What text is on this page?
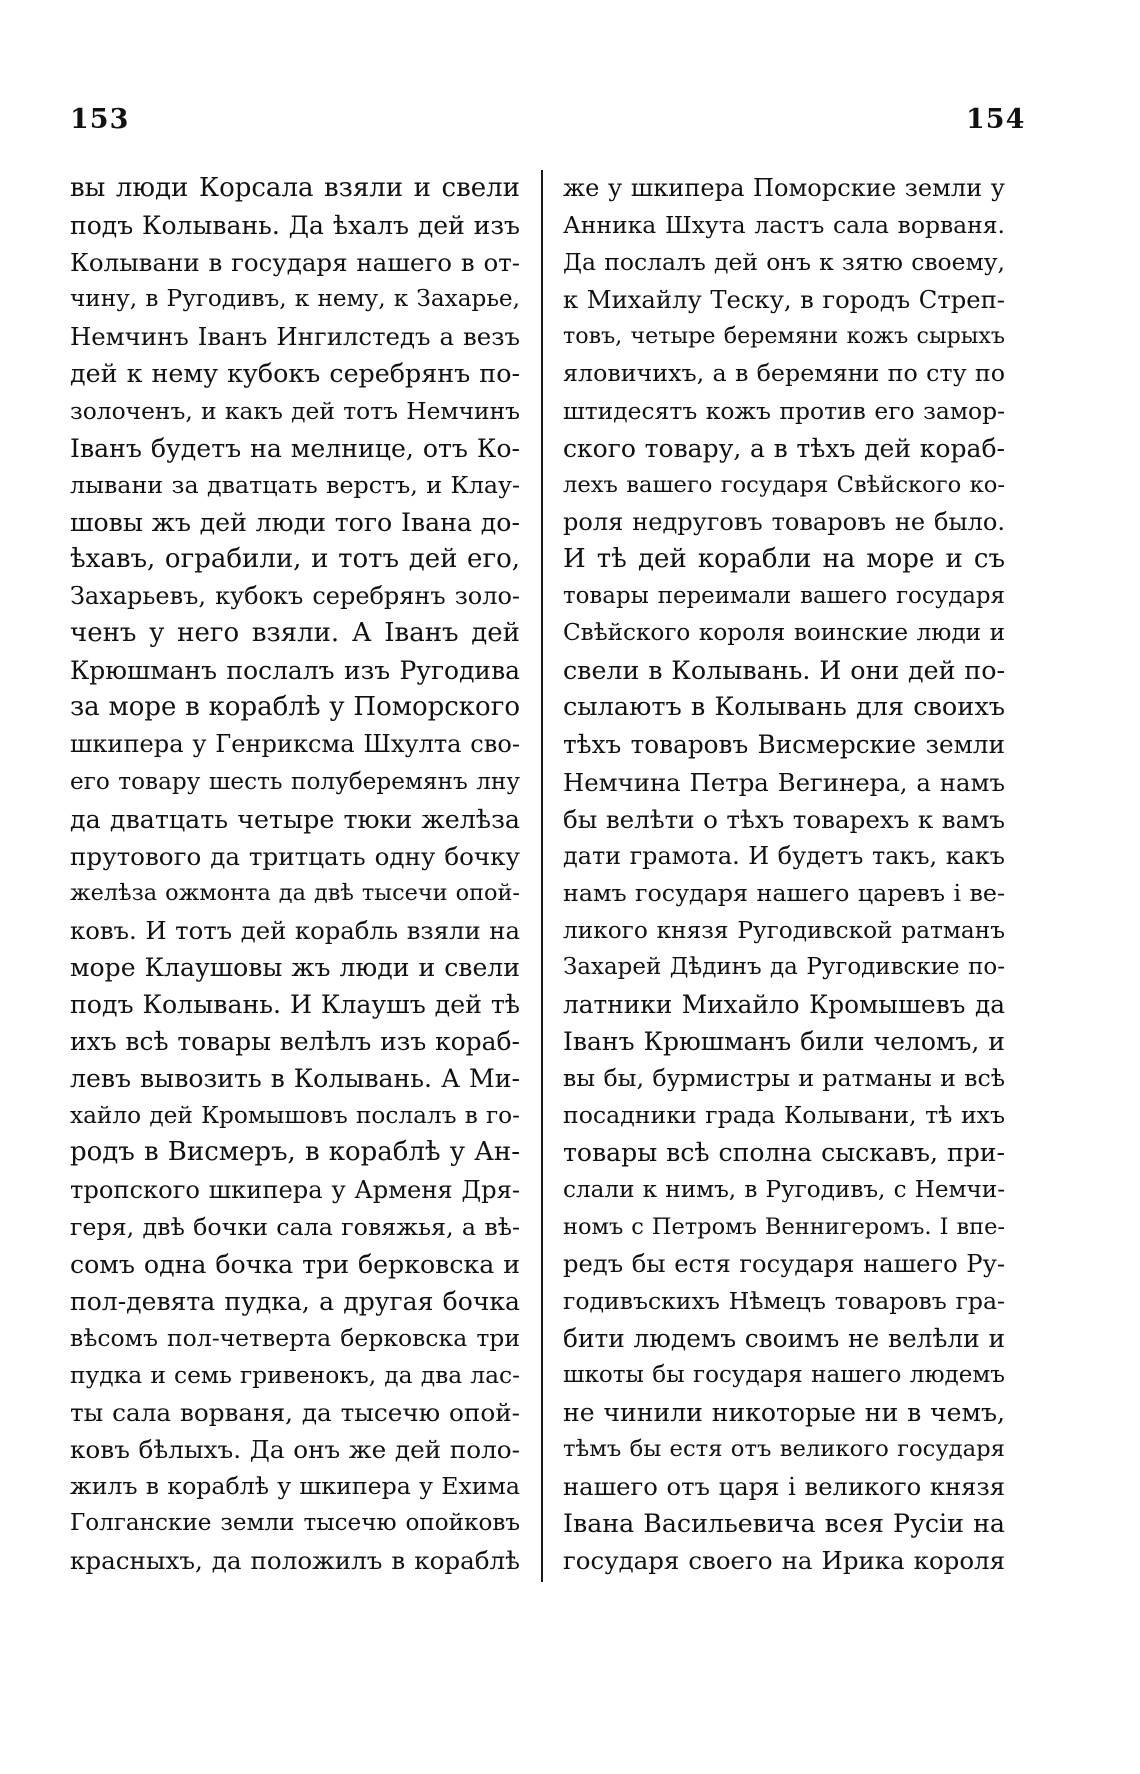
153	154
вы люди Корсала взяли и свели
подъ Колывань. Да ѣхалъ дей изъ
Колывани в государя нашего в от-
чину, в Ругодивъ, к нему, к Захарье,
Немчинъ Іванъ Ингилстедъ а везъ
дей к нему кубокъ серебрянъ по-
золоченъ, и какъ дей тотъ Немчинъ
Іванъ будетъ на мелнице, отъ Ко-
лывани за дватцать верстъ, и Клау-
шовы жъ дей люди того Івана до-
ѣхавъ, ограбили, и тотъ дей его,
Захарьевъ, кубокъ серебрянъ золо-
ченъ у него взяли. А Іванъ дей
Крюшманъ послалъ изъ Ругодива
за море в кораблѣ у Поморского
шкипера у Генриксма Шхулта сво-
его товару шесть полуберемянъ лну
да дватцать четыре тюки желѣза
прутового да тритцать одну бочку
желѣза ожмонта да двѣ тысечи опой-
ковъ. И тотъ дей корабль взяли на
море Клаушовы жъ люди и свели
подъ Колывань. И Клаушъ дей тѣ
ихъ всѣ товары велѣлъ изъ кораб-
левъ вывозить в Колывань. А Ми-
хайло дей Кромышовъ послалъ в го-
родъ в Висмеръ, в кораблѣ у Ан-
тропского шкипера у Арменя Дря-
геря, двѣ бочки сала говяжья, а вѣ-
сомъ одна бочка три берковска и
пол-девята пудка, а другая бочка
вѣсомъ пол-четверта берковска три
пудка и семь гривенокъ, да два лас-
ты сала ворваня, да тысечю опой-
ковъ бѣлыхъ. Да онъ же дей поло-
жилъ в кораблѣ у шкипера у Ехима
Голганские земли тысечю опойковъ
красныхъ, да положилъ в кораблѣ
же у шкипера Поморские земли у
Анника Шхута ластъ сала ворваня.
Да послалъ дей онъ к зятю своему,
к Михайлу Теску, в городъ Стреп-
товъ, четыре беремяни кожъ сырыхъ
яловичихъ, а в беремяни по сту по
штидесятъ кожъ против его замор-
ского товару, а в тѣхъ дей кораб-
лехъ вашего государя Свѣйского ко-
роля недруговъ товаровъ не было.
И тѣ дей корабли на море и съ
товары переимали вашего государя
Свѣйского короля воинские люди и
свели в Колывань. И они дей по-
сылаютъ в Колывань для своихъ
тѣхъ товаровъ Висмерские земли
Немчина Петра Вегинера, а намъ
бы велѣти о тѣхъ товарехъ к вамъ
дати грамота. И будетъ такъ, какъ
намъ государя нашего царевъ і ве-
ликого князя Ругодивской ратманъ
Захарей Дѣдинъ да Ругодивские по-
латники Михайло Кромышевъ да
Іванъ Крюшманъ били челомъ, и
вы бы, бурмистры и ратманы и всѣ
посадники града Колывани, тѣ ихъ
товары всѣ сполна сыскавъ, при-
слали к нимъ, в Ругодивъ, с Немчи-
номъ с Петромъ Веннигеромъ. І впе-
редъ бы естя государя нашего Ру-
годивъскихъ Нѣмецъ товаровъ гра-
бити людемъ своимъ не велѣли и
шкоты бы государя нашего людемъ
не чинили никоторые ни в чемъ,
тѣмъ бы естя отъ великого государя
нашего отъ царя і великого князя
Івана Васильевича всея Русіи на
государя своего на Ирика короля
